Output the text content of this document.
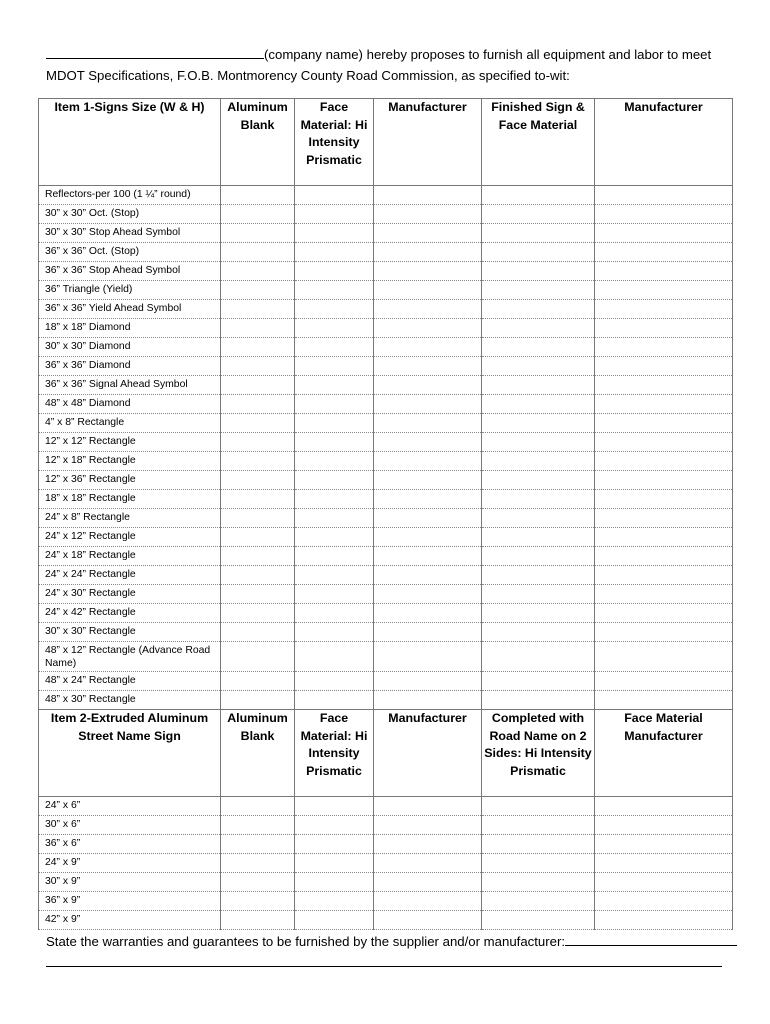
(company name) hereby proposes to furnish all equipment and labor to meet
MDOT Specifications, F.O.B. Montmorency County Road Commission, as specified to-wit:
Item 1-Signs Size (W & H)	Aluminum Blank	Face Material: Hi Intensity Prismatic	Manufacturer	Finished Sign & Face Material	Manufacturer
Reflectors-per 100 (1 ¼” round)					
30” x 30” Oct. (Stop)					
30” x 30” Stop Ahead Symbol					
36” x 36” Oct. (Stop)					
36” x 36” Stop Ahead Symbol					
36” Triangle (Yield)					
36” x 36” Yield Ahead Symbol					
18” x 18” Diamond					
30” x 30” Diamond					
36” x 36” Diamond					
36” x 36” Signal Ahead Symbol					
48” x 48” Diamond					
4” x 8” Rectangle					
12” x 12” Rectangle					
12” x 18” Rectangle					
12” x 36” Rectangle					
18” x 18” Rectangle					
24” x 8” Rectangle					
24” x 12” Rectangle					
24” x 18” Rectangle					
24” x 24” Rectangle					
24” x 30” Rectangle					
24” x 42” Rectangle					
30” x 30” Rectangle					
48” x 12” Rectangle (Advance Road Name)					
48” x 24” Rectangle					
48” x 30” Rectangle					
Item 2-Extruded Aluminum Street Name Sign	Aluminum Blank	Face Material: Hi Intensity Prismatic	Manufacturer	Completed with Road Name on 2 Sides: Hi Intensity Prismatic	Face Material Manufacturer
24” x 6”					
30” x 6”					
36” x 6”					
24” x 9”					
30” x 9”					
36” x 9”					
42” x 9”					
State the warranties and guarantees to be furnished by the supplier and/or manufacturer:
